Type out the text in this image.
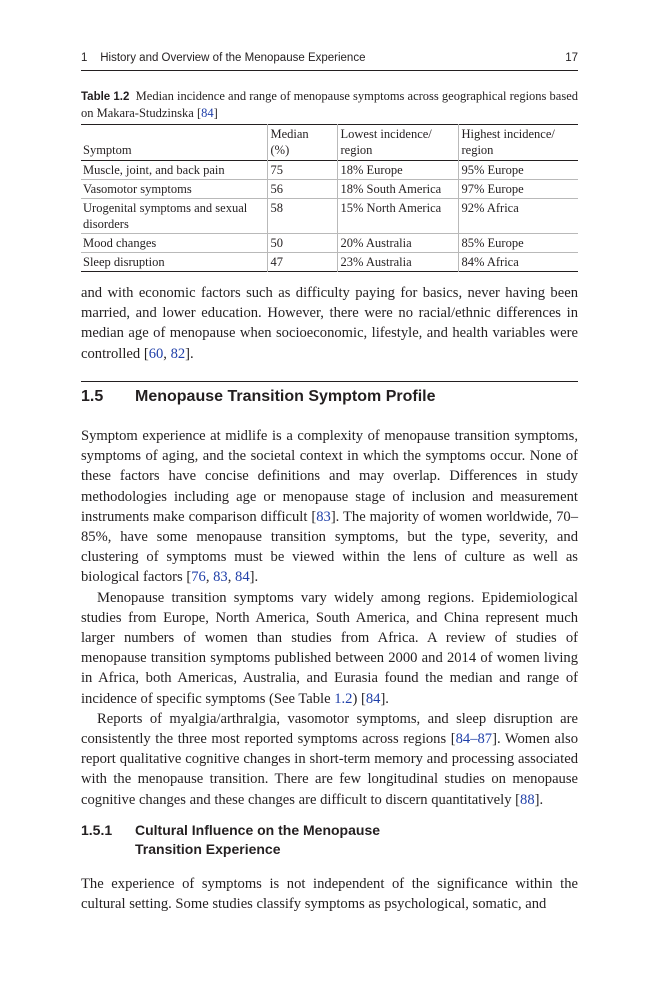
1 History and Overview of the Menopause Experience	17
Table 1.2 Median incidence and range of menopause symptoms across geographical regions based on Makara-Studzinska [84]
Symptom	Median (%)	Lowest incidence/ region	Highest incidence/ region
Muscle, joint, and back pain	75	18% Europe	95% Europe
Vasomotor symptoms	56	18% South America	97% Europe
Urogenital symptoms and sexual disorders	58	15% North America	92% Africa
Mood changes	50	20% Australia	85% Europe
Sleep disruption	47	23% Australia	84% Africa

and with economic factors such as difficulty paying for basics, never having been married, and lower education. However, there were no racial/ethnic differences in median age of menopause when socioeconomic, lifestyle, and health variables were controlled [60, 82].

1.5 Menopause Transition Symptom Profile

Symptom experience at midlife is a complexity of menopause transition symptoms, symptoms of aging, and the societal context in which the symptoms occur. None of these factors have concise definitions and may overlap. Differences in study methodologies including age or menopause stage of inclusion and measurement instruments make comparison difficult [83]. The majority of women worldwide, 70–85%, have some menopause transition symptoms, but the type, severity, and clustering of symptoms must be viewed within the lens of culture as well as biological factors [76, 83, 84].

Menopause transition symptoms vary widely among regions. Epidemiological studies from Europe, North America, South America, and China represent much larger numbers of women than studies from Africa. A review of studies of menopause transition symptoms published between 2000 and 2014 of women living in Africa, both Americas, Australia, and Eurasia found the median and range of incidence of specific symptoms (See Table 1.2) [84].

Reports of myalgia/arthralgia, vasomotor symptoms, and sleep disruption are consistently the three most reported symptoms across regions [84–87]. Women also report qualitative cognitive changes in short-term memory and processing associated with the menopause transition. There are few longitudinal studies on menopause cognitive changes and these changes are difficult to discern quantitatively [88].

1.5.1 Cultural Influence on the Menopause
Transition Experience

The experience of symptoms is not independent of the significance within the cultural setting. Some studies classify symptoms as psychological, somatic, and
